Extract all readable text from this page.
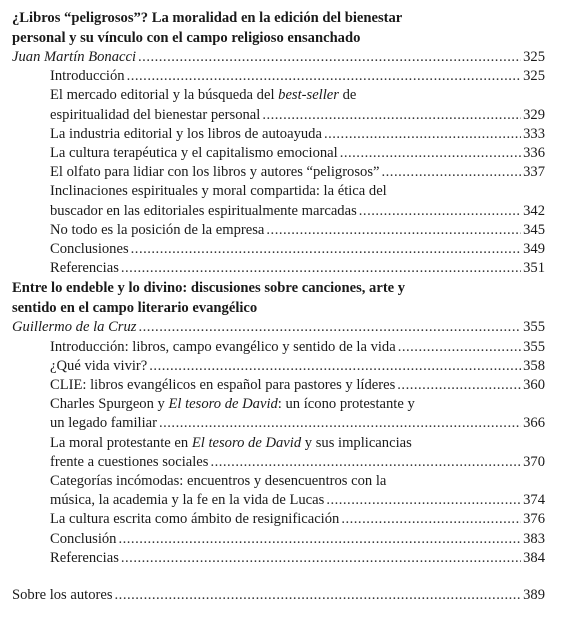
¿Libros “peligrosos”? La moralidad en la edición del bienestar
personal y su vínculo con el campo religioso ensanchado
Juan Martín Bonacci .....	325
Introducción .....	325
El mercado editorial y la búsqueda del best-seller de
espiritualidad del bienestar personal .....	329
La industria editorial y los libros de autoayuda .....	333
La cultura terapéutica y el capitalismo emocional .....	336
El olfato para lidiar con los libros y autores “peligrosos” .....	337
Inclinaciones espirituales y moral compartida: la ética del
buscador en las editoriales espiritualmente marcadas .....	342
No todo es la posición de la empresa .....	345
Conclusiones .....	349
Referencias .....	351
Entre lo endeble y lo divino: discusiones sobre canciones, arte y
sentido en el campo literario evangélico
Guillermo de la Cruz .....	355
Introducción: libros, campo evangélico y sentido de la vida .....	355
¿Qué vida vivir? .....	358
CLIE: libros evangélicos en español para pastores y líderes .....	360
Charles Spurgeon y El tesoro de David: un ícono protestante y
un legado familiar .....	366
La moral protestante en El tesoro de David y sus implicancias
frente a cuestiones sociales .....	370
Categorías incómodas: encuentros y desencuentros con la
música, la academia y la fe en la vida de Lucas .....	374
La cultura escrita como ámbito de resignificación .....	376
Conclusión .....	383
Referencias .....	384
Sobre los autores .....	389
